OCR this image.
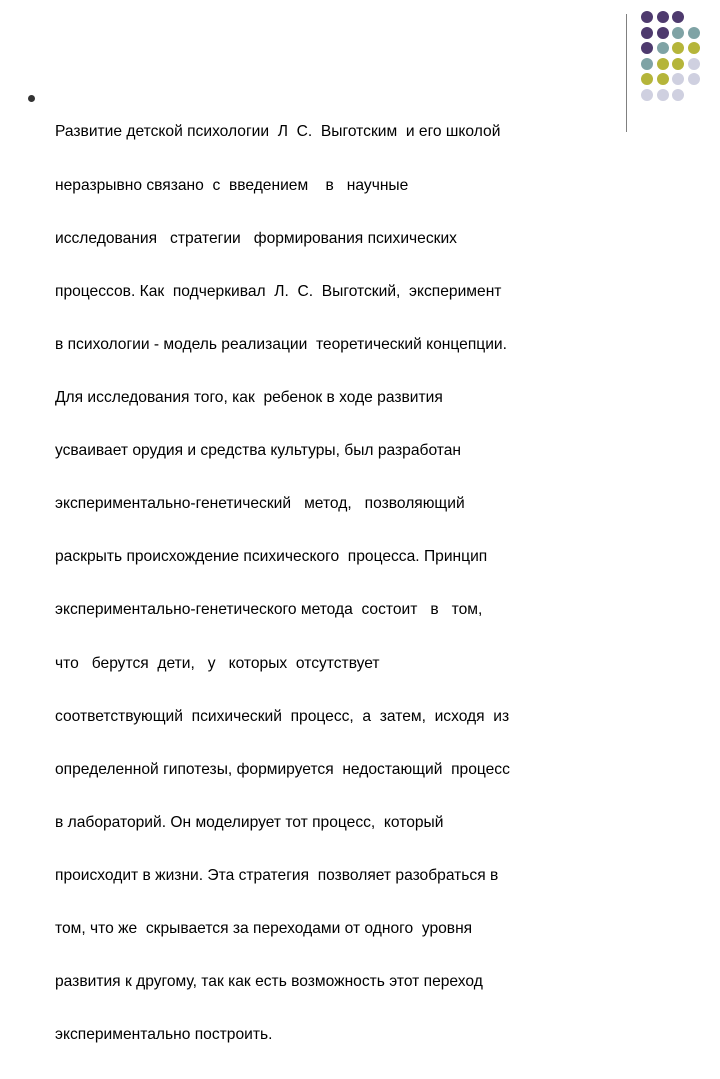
Развитие детской психологии  Л  С.  Выготским  и его школой

неразрывно связано  с  введением    в   научные

исследования   стратегии   формирования психических

процессов. Как  подчеркивал  Л.  С.  Выготский,  эксперимент

в психологии - модель реализации  теоретический концепции.

Для исследования того, как  ребенок в ходе развития

усваивает орудия и средства культуры, был разработан

экспериментально-генетический   метод,   позволяющий

раскрыть происхождение психического  процесса. Принцип

экспериментально-генетического метода  состоит   в   том,

что   берутся  дети,   у   которых  отсутствует

соответствующий  психический  процесс,  а  затем,  исходя  из

определенной гипотезы, формируется  недостающий  процесс

в лабораторий. Он моделирует тот процесс,  который

происходит в жизни. Эта стратегия  позволяет разобраться в

том, что же  скрывается за переходами от одного  уровня

развития к другому, так как есть возможность этот переход

экспериментально построить.
